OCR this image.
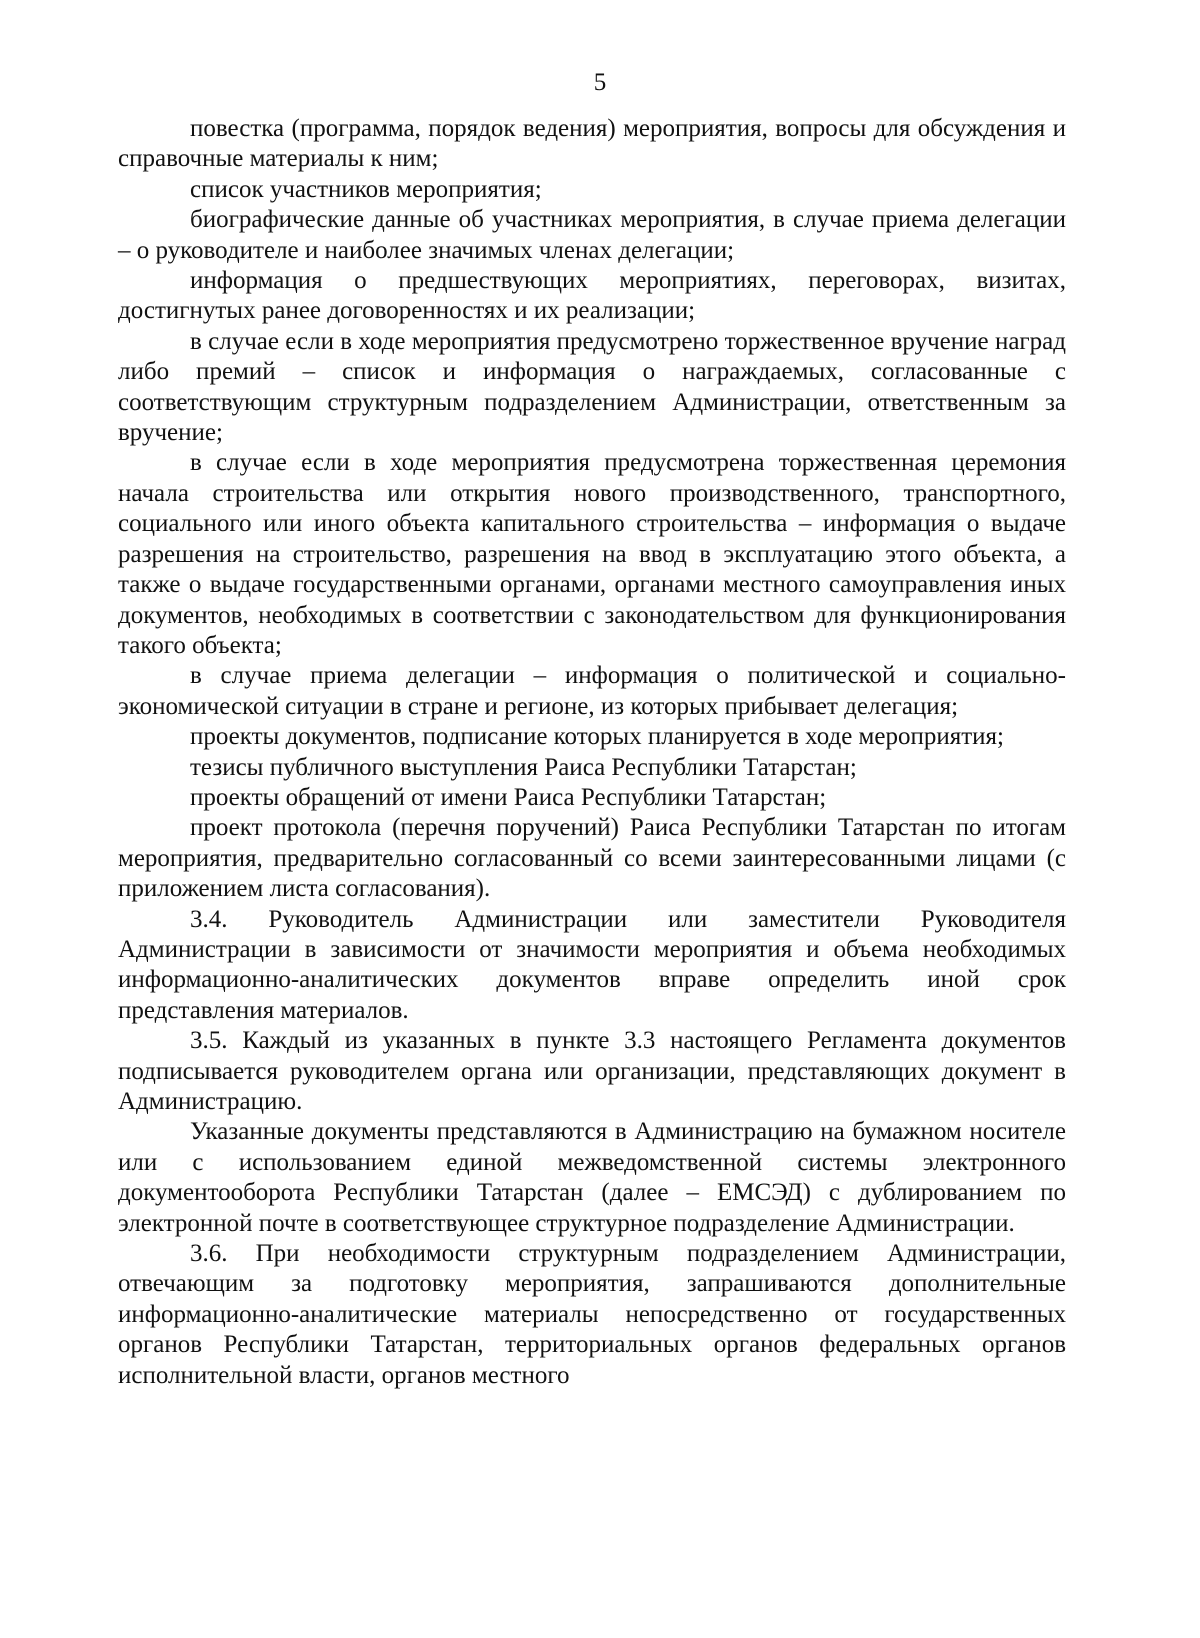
5

повестка (программа, порядок ведения) мероприятия, вопросы для обсуждения и справочные материалы к ним;

список участников мероприятия;

биографические данные об участниках мероприятия, в случае приема делегации – о руководителе и наиболее значимых членах делегации;

информация о предшествующих мероприятиях, переговорах, визитах, достигнутых ранее договоренностях и их реализации;

в случае если в ходе мероприятия предусмотрено торжественное вручение наград либо премий – список и информация о награждаемых, согласованные с соответствующим структурным подразделением Администрации, ответственным за вручение;

в случае если в ходе мероприятия предусмотрена торжественная церемония начала строительства или открытия нового производственного, транспортного, социального или иного объекта капитального строительства – информация о выдаче разрешения на строительство, разрешения на ввод в эксплуатацию этого объекта, а также о выдаче государственными органами, органами местного самоуправления иных документов, необходимых в соответствии с законодательством для функционирования такого объекта;

в случае приема делегации – информация о политической и социально-экономической ситуации в стране и регионе, из которых прибывает делегация;

проекты документов, подписание которых планируется в ходе мероприятия;

тезисы публичного выступления Раиса Республики Татарстан;

проекты обращений от имени Раиса Республики Татарстан;

проект протокола (перечня поручений) Раиса Республики Татарстан по итогам мероприятия, предварительно согласованный со всеми заинтересованными лицами (с приложением листа согласования).

3.4. Руководитель Администрации или заместители Руководителя Администрации в зависимости от значимости мероприятия и объема необходимых информационно-аналитических документов вправе определить иной срок представления материалов.

3.5. Каждый из указанных в пункте 3.3 настоящего Регламента документов подписывается руководителем органа или организации, представляющих документ в Администрацию.

Указанные документы представляются в Администрацию на бумажном носителе или с использованием единой межведомственной системы электронного документооборота Республики Татарстан (далее – ЕМСЭД) с дублированием по электронной почте в соответствующее структурное подразделение Администрации.

3.6. При необходимости структурным подразделением Администрации, отвечающим за подготовку мероприятия, запрашиваются дополнительные информационно-аналитические материалы непосредственно от государственных органов Республики Татарстан, территориальных органов федеральных органов исполнительной власти, органов местного
